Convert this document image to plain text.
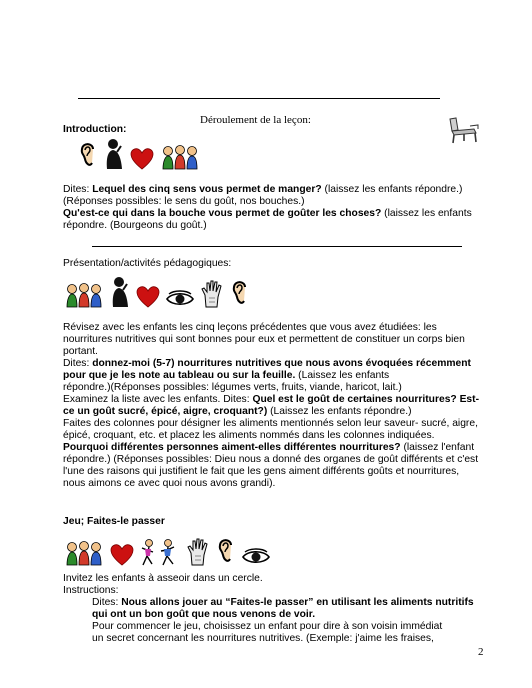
Déroulement de la leçon:
Introduction:
Dites: Lequel des cinq sens vous permet de manger? (laissez les enfants répondre.)
(Réponses possibles: le sens du goût, nos bouches.)
Qu'est-ce qui dans la bouche vous permet de goûter les choses? (laissez les enfants
répondre. (Bourgeons du goût.)
Présentation/activités pédagogiques:
Révisez avec les enfants les cinq leçons précédentes que vous avez étudiées: les
nourritures nutritives qui sont bonnes pour eux et permettent de constituer un corps bien
portant.
Dites: donnez-moi (5-7) nourritures nutritives que nous avons évoquées récemment
pour que je les note au tableau ou sur la feuille. (Laissez les enfants
répondre.)(Réponses possibles: légumes verts, fruits, viande, haricot, lait.)
Examinez la liste avec les enfants. Dites: Quel est le goût de certaines nourritures? Est-
ce un goût sucré, épicé, aigre, croquant?) (Laissez les enfants répondre.)
Faites des colonnes pour désigner les aliments mentionnés selon leur saveur- sucré, aigre,
épicé, croquant, etc. et placez les aliments nommés dans les colonnes indiquées.
Pourquoi différentes personnes aiment-elles différentes nourritures? (laissez l'enfant
répondre.) (Réponses possibles: Dieu nous a donné des organes de goût différents et c'est
l'une des raisons qui justifient le fait que les gens aiment différents goûts et nourritures,
nous aimons ce avec quoi nous avons grandi).
Jeu; Faites-le passer
Invitez les enfants à asseoir dans un cercle.
Instructions:
Dites: Nous allons jouer au “Faites-le passer” en utilisant les aliments nutritifs
qui ont un bon goût que nous venons de voir.
Pour commencer le jeu, choisissez un enfant pour dire à son voisin immédiat
un secret concernant les nourritures nutritives. (Exemple: j'aime les fraises,
2
